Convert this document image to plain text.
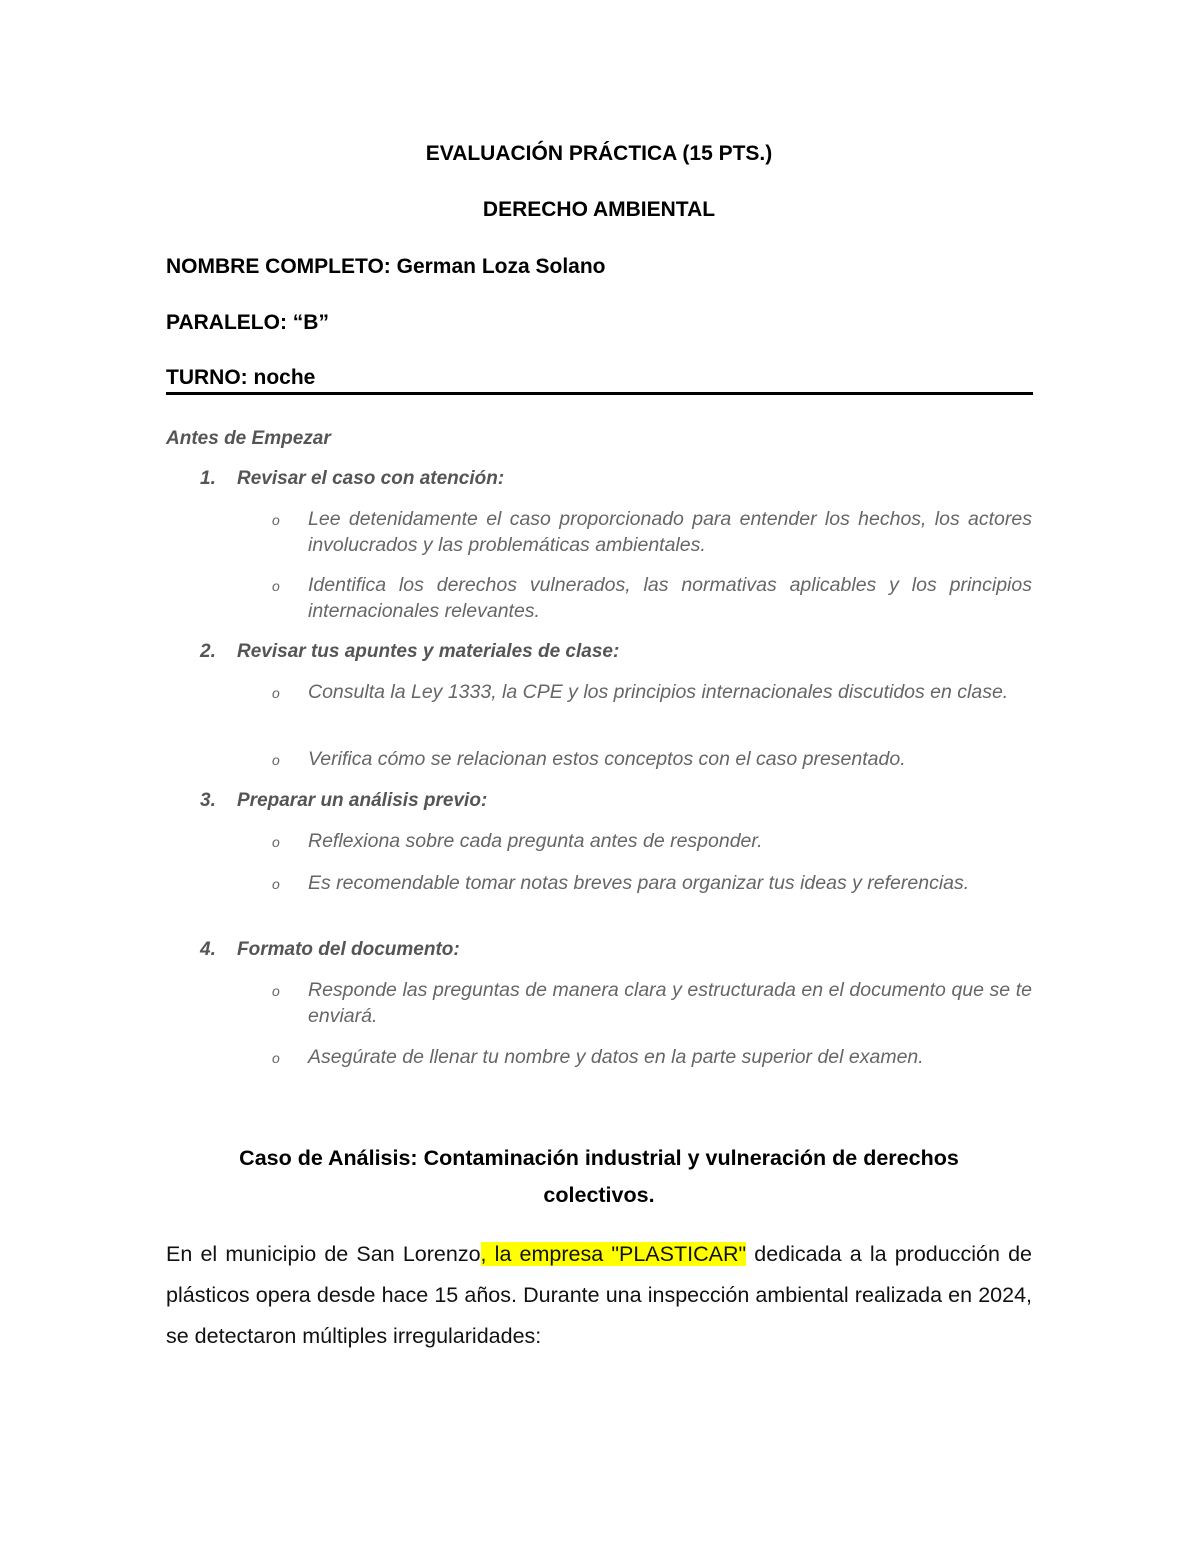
EVALUACIÓN PRÁCTICA (15 PTS.)
DERECHO AMBIENTAL
NOMBRE COMPLETO: German Loza Solano
PARALELO: “B”
TURNO: noche
Antes de Empezar
1. Revisar el caso con atención:
o	Lee detenidamente el caso proporcionado para entender los hechos, los actores involucrados y las problemáticas ambientales.
o	Identifica los derechos vulnerados, las normativas aplicables y los principios internacionales relevantes.
2. Revisar tus apuntes y materiales de clase:
o	Consulta la Ley 1333, la CPE y los principios internacionales discutidos en clase.
o	Verifica cómo se relacionan estos conceptos con el caso presentado.
3. Preparar un análisis previo:
o	Reflexiona sobre cada pregunta antes de responder.
o	Es recomendable tomar notas breves para organizar tus ideas y referencias.
4. Formato del documento:
o	Responde las preguntas de manera clara y estructurada en el documento que se te enviará.
o	Asegúrate de llenar tu nombre y datos en la parte superior del examen.
Caso de Análisis: Contaminación industrial y vulneración de derechos
colectivos.
En el municipio de San Lorenzo, la empresa "PLASTICAR" dedicada a la producción de plásticos opera desde hace 15 años. Durante una inspección ambiental realizada en 2024, se detectaron múltiples irregularidades:
